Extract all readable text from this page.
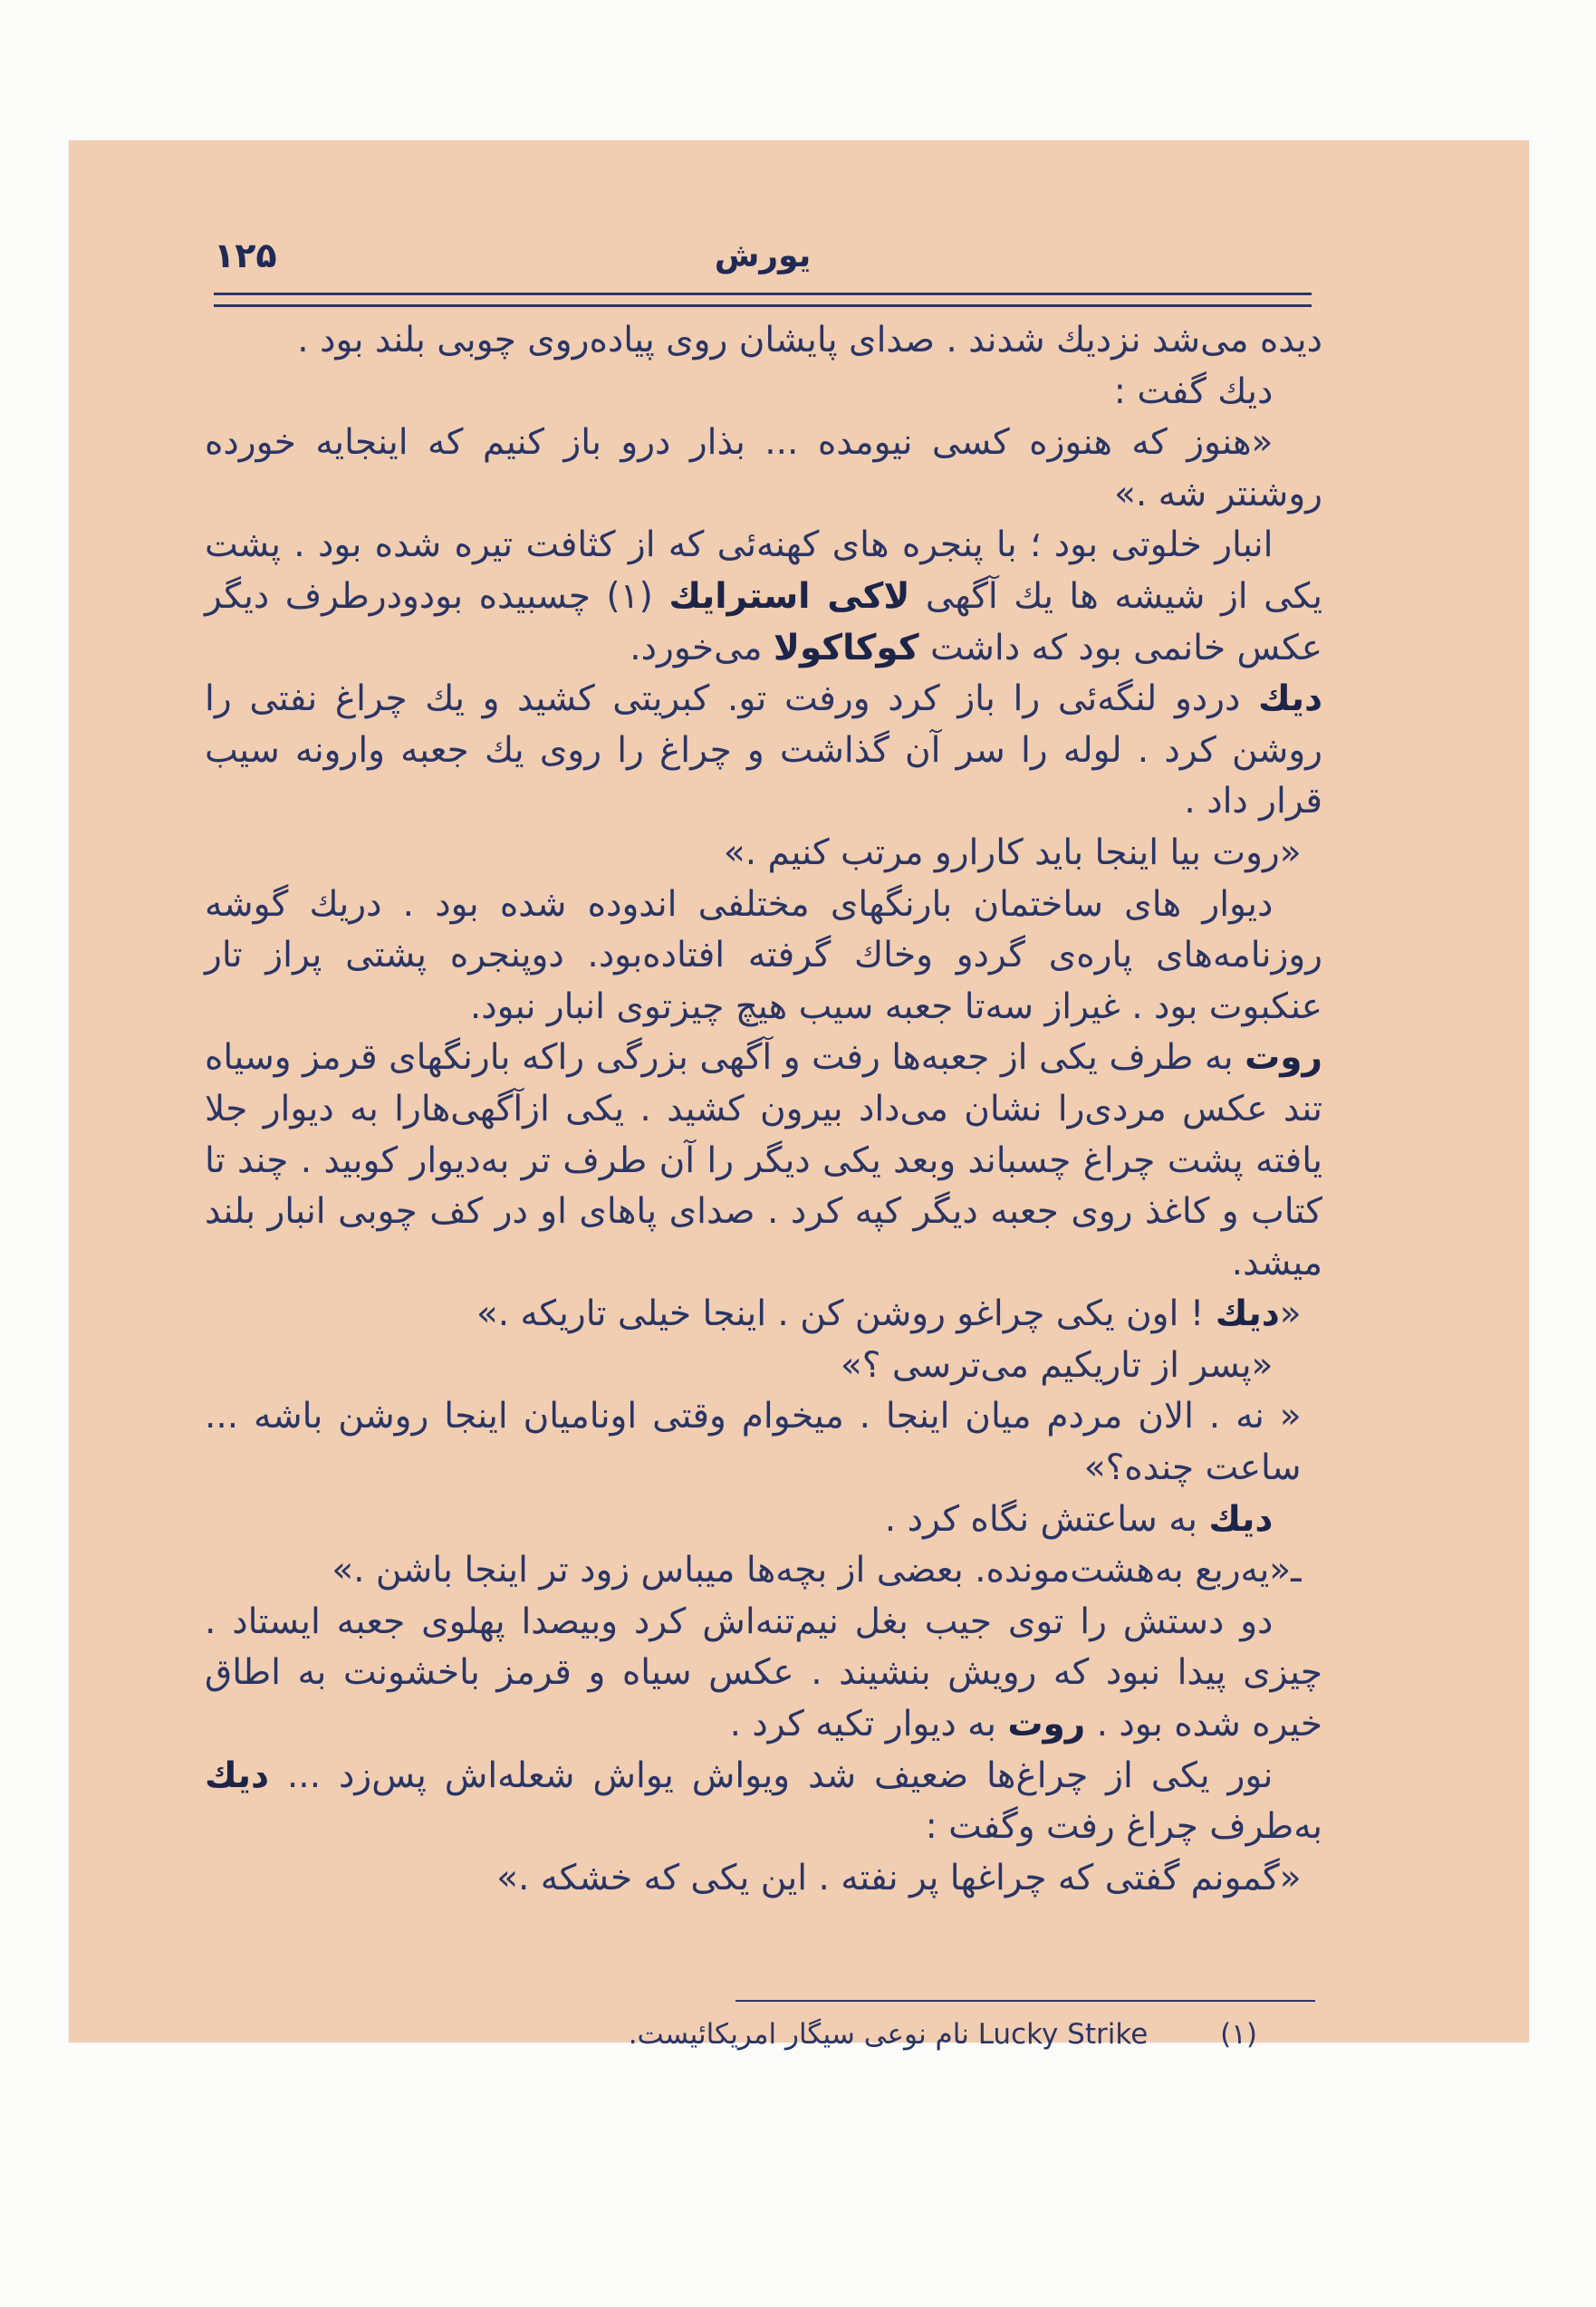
۱۲۵	یورش

دیده می‌شد نزدیك شدند . صدای پایشان روی پیاده‌روی چوبی بلند بود .

دیك گفت :

«هنوز که هنوزه کسی نیومده ... بذار درو باز کنیم که اینجایه خورده روشنتر شه .»

انبار خلوتی بود ؛ با پنجره های کهنه‌ئی که از کثافت تیره شده بود . پشت یکی از شیشه ها یك آگهی لاکی استرایك (۱) چسبیده بودودرطرف دیگر عکس خانمی بود که داشت کوکاکولا می‌خورد.

دیك دردو لنگه‌ئی را باز کرد ورفت تو. کبریتی کشید و یك چراغ نفتی را روشن کرد . لوله را سر آن گذاشت و چراغ را روی یك جعبه وارونه سیب قرار داد .

«روت بیا اینجا باید کارارو مرتب کنیم .»

دیوار های ساختمان بارنگهای مختلفی اندوده شده بود . دریك گوشه روزنامه‌های پاره‌ی گردو وخاك گرفته افتاده‌بود. دوپنجره پشتی پراز تار عنکبوت بود . غیراز سه‌تا جعبه سیب هیچ چیزتوی انبار نبود.

روت به طرف یکی از جعبه‌ها رفت و آگهی بزرگی راکه بارنگهای قرمز وسیاه تند عکس مردی‌را نشان می‌داد بیرون کشید . یکی ازآگهی‌هارا به دیوار جلا یافته پشت چراغ چسباند وبعد یکی دیگر را آن طرف تر به‌دیوار کوبید . چند تا کتاب و کاغذ روی جعبه دیگر کپه کرد . صدای پاهای او در کف چوبی انبار بلند میشد.

«دیك ! اون یکی چراغو روشن کن . اینجا خیلی تاریکه .»

«پسر از تاریکیم می‌ترسی ؟»

« نه . الان مردم میان اینجا . میخوام وقتی اونامیان اینجا روشن باشه ... ساعت چنده؟»

دیك به ساعتش نگاه کرد .

ـ«یه‌ربع به‌هشت‌مونده. بعضی از بچه‌ها میباس زود تر اینجا باشن .»

دو دستش را توی جیب بغل نیم‌تنه‌اش کرد وبیصدا پهلوی جعبه ایستاد . چیزی پیدا نبود که رویش بنشیند . عکس سیاه و قرمز باخشونت به اطاق خیره شده بود . روت به دیوار تکیه کرد .

نور یکی از چراغ‌ها ضعیف شد ویواش یواش شعله‌اش پس‌زد ... دیك به‌طرف چراغ رفت وگفت :

«گمونم گفتی که چراغها پر نفته . این یکی که خشکه .»

(۱) Lucky Strike نام نوعی سیگار امریکائیست.
